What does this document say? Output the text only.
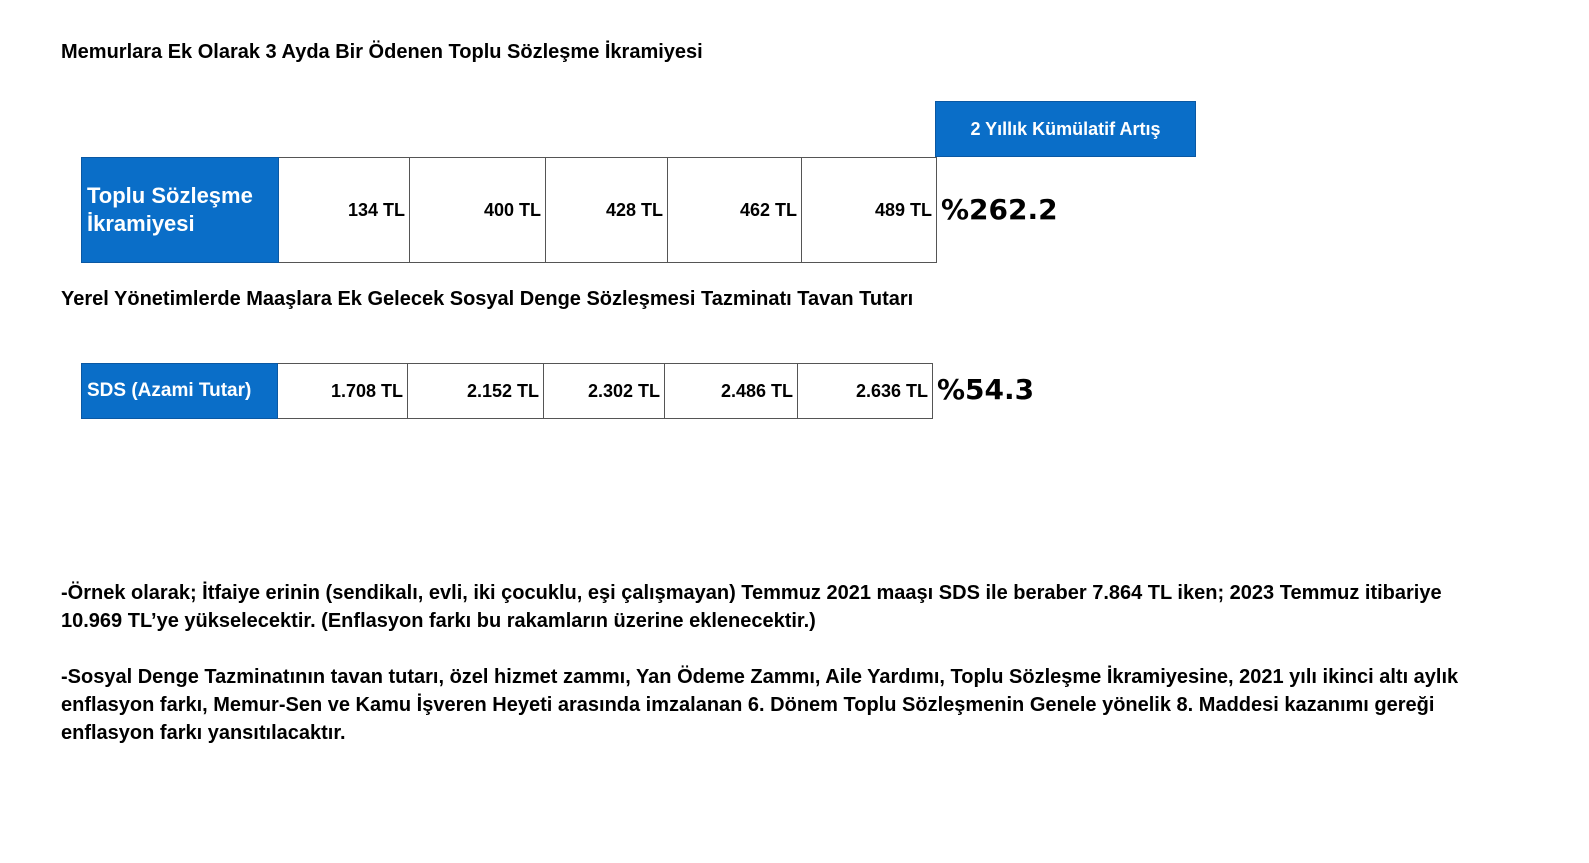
Memurlara Ek Olarak 3 Ayda Bir Ödenen Toplu Sözleşme İkramiyesi
2 Yıllık Kümülatif Artış
Toplu Sözleşme İkramiyesi	134 TL	400 TL	428 TL	462 TL	489 TL %262.2
Yerel Yönetimlerde Maaşlara Ek Gelecek Sosyal Denge Sözleşmesi Tazminatı Tavan Tutarı
SDS (Azami Tutar)	1.708 TL	2.152 TL	2.302 TL	2.486 TL	2.636 TL %54.3
-Örnek olarak; İtfaiye erinin (sendikalı, evli, iki çocuklu, eşi çalışmayan) Temmuz 2021 maaşı SDS ile beraber 7.864 TL iken; 2023 Temmuz itibariye 10.969 TL’ye yükselecektir. (Enflasyon farkı bu rakamların üzerine eklenecektir.)
-Sosyal Denge Tazminatının tavan tutarı, özel hizmet zammı, Yan Ödeme Zammı, Aile Yardımı, Toplu Sözleşme İkramiyesine, 2021 yılı ikinci altı aylık enflasyon farkı, Memur-Sen ve Kamu İşveren Heyeti arasında imzalanan 6. Dönem Toplu Sözleşmenin Genele yönelik 8. Maddesi kazanımı gereği enflasyon farkı yansıtılacaktır.
